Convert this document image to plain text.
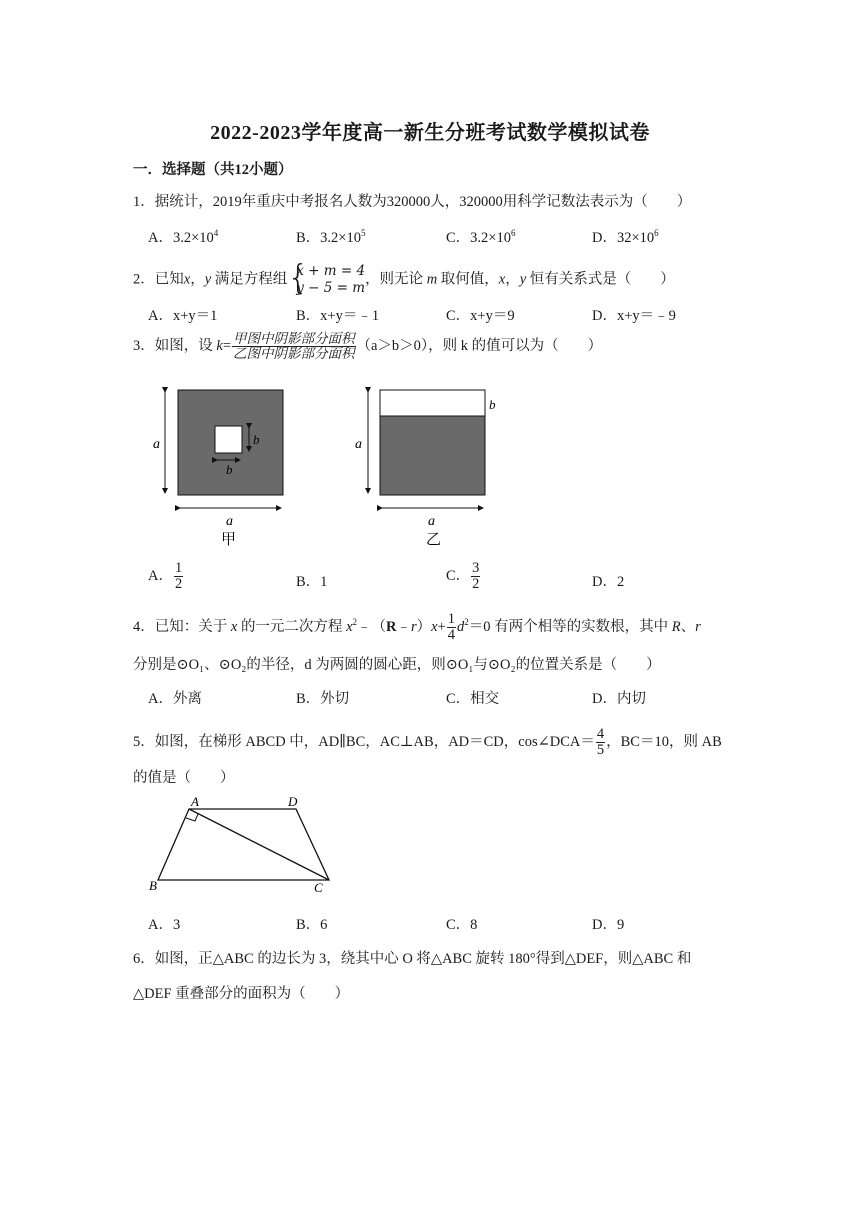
2022-2023学年度高一新生分班考试数学模拟试卷
一．选择题（共12小题）
1．据统计，2019年重庆中考报名人数为320000人，320000用科学记数法表示为（　　）
A．$3.2\times 10^4$	B．$3.2\times 10^5$	C．$3.2\times 10^6$	D．$32\times 10^6$
2．已知x，y 满足方程组 {
x + m = 4
y − 5 = m
，则无论 m 取何值，x，y 恒有关系式是（　　）
A．x+y＝1	B．x+y＝﹣1	C．x+y＝9	D．x+y＝﹣9
3．如图，设 $k= \frac{\text{甲图中阴影部分面积}}{\text{乙图中阴影部分面积}} (a>b>0)$，则 k 的值可以为（　　）
a
a
b
b
甲
a
a
b
乙
A． $\frac{1}{2}$	B．1	C． $\frac{3}{2}$	D．2
4．已知：关于 x 的一元二次方程 $x^2﹣(R﹣r)x+ \frac{1}{4} d^2=0$ 有两个相等的实数根，其中 R、r
分别是⊙O₁、⊙O₂的半径，d 为两圆的圆心距，则⊙O₁与⊙O₂的位置关系是（　　）
A．外离	B．外切	C．相交	D．内切
5．如图，在梯形 ABCD 中，AD∥BC，AC⊥AB，AD＝CD，cos∠DCA＝ $\frac{4}{5}$ ，BC＝10，则 AB
的值是（　　）
A	D
B	C
A．3	B．6	C．8	D．9
6．如图，正△ABC 的边长为 3，绕其中心 O 将△ABC 旋转 180°得到△DEF，则△ABC 和
△DEF 重叠部分的面积为（　　）
